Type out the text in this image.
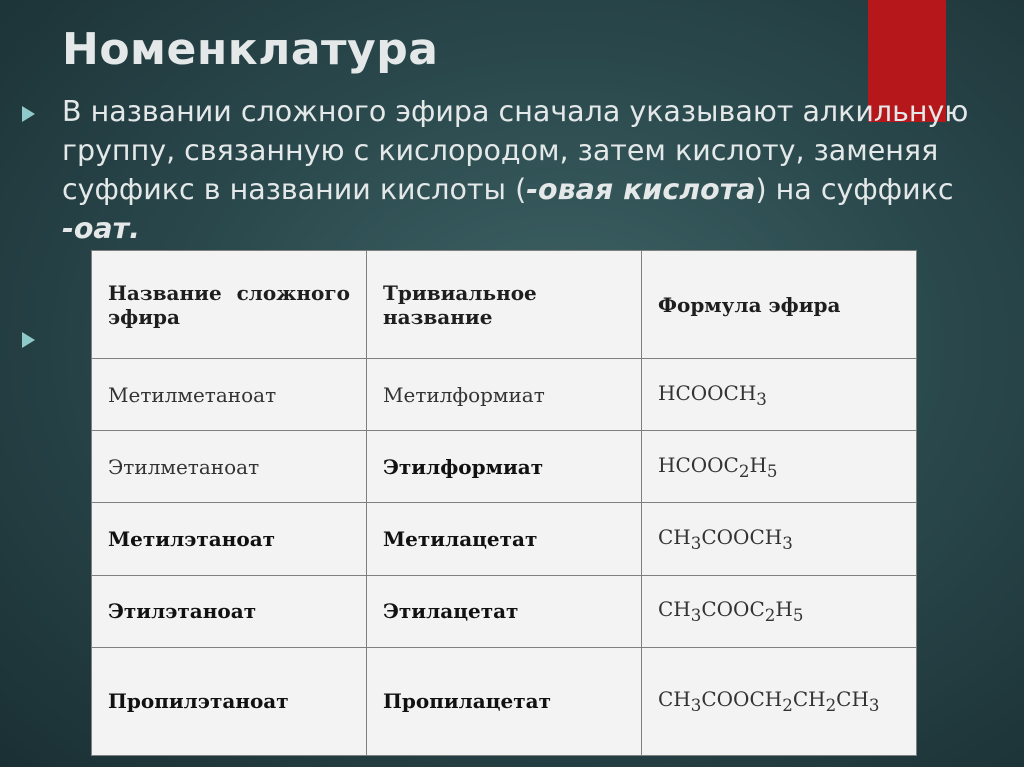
Номенклатура

В названии сложного эфира сначала указывают алкильную группу, связанную с кислородом, затем кислоту, заменяя суффикс в названии кислоты (-овая кислота) на суффикс -оат.

Название сложного эфира	Тривиальное название	Формула эфира
Метилметаноат	Метилформиат	$HCOOCH_3$
Этилметаноат	Этилформиат	$HCOOC_2H_5$
Метилэтаноат	Метилацетат	$CH_3COOCH_3$
Этилэтаноат	Этилацетат	$CH_3COOC_2H_5$
Пропилэтаноат	Пропилацетат	$CH_3COOCH_2CH_2CH_3$
